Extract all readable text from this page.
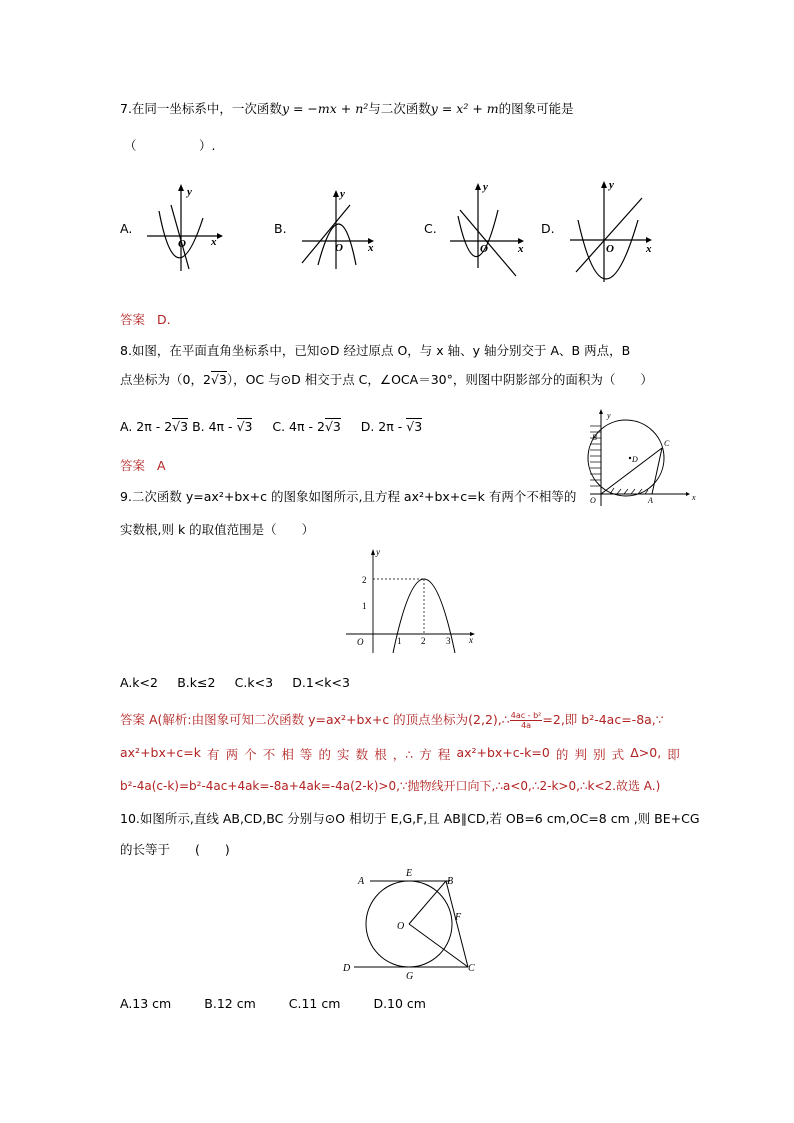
7.在同一坐标系中，一次函数y = −mx + n²与二次函数y = x² + m的图象可能是
（　　　　　）.
A.	B.	C.	D.
y
O x
y
O x
y
O	x
y
O	x
答案 D.
8.如图，在平面直角坐标系中，已知⊙D 经过原点 O，与 x 轴、y 轴分别交于 A、B 两点，B
点坐标为（0，2√3），OC 与⊙D 相交于点 C，∠OCA＝30°，则图中阴影部分的面积为（　　）
A. 2π - 2√3 B. 4π - √3 C. 4π - 2√3 D. 2π - √3
答案 A
y
x
O	A
B
C
D
9.二次函数 y=ax²+bx+c 的图象如图所示,且方程 ax²+bx+c=k 有两个不相等的
实数根,则 k 的取值范围是（　　）
y
x
O
1
2
1 2 3
A.k<2 B.k≤2 C.k<3 D.1<k<3
答案 A(解析:由图象可知二次函数 y=ax²+bx+c 的顶点坐标为(2,2),∴ $\frac{\text{4ac - b²}}{4a} =2$,即 b²-4ac=-8a,∵
ax²+bx+c=k 有 两 个 不 相 等 的 实 数 根 ，∴ 方 程 ax²+bx+c-k=0 的 判 别 式 Δ>0, 即
b²-4a(c-k)=b²-4ac+4ak=-8a+4ak=-4a(2-k)>0,∵抛物线开口向下,∴a<0,∴2-k>0,∴k<2.故选 A.)
10.如图所示,直线 AB,CD,BC 分别与⊙O 相切于 E,G,F,且 AB∥CD,若 OB=6 cm,OC=8 cm ,则 BE+CG
的长等于　　(　　)
A
E
B
O
F
D
G
C
A.13 cm	B.12 cm	C.11 cm	D.10 cm
